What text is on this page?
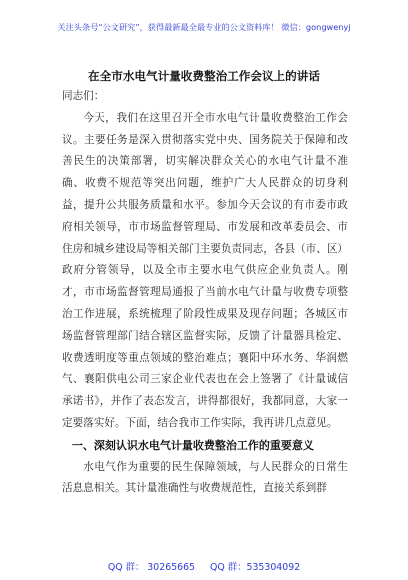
关注头条号“公文研究”，获得最新最全最专业的公文资料库！ 微信：gongwenyj
在全市水电气计量收费整治工作会议上的讲话

同志们：

今天，我们在这里召开全市水电气计量收费整治工作会议。主要任务是深入贯彻落实党中央、国务院关于保障和改善民生的决策部署，切实解决群众关心的水电气计量不准确、收费不规范等突出问题，维护广大人民群众的切身利益，提升公共服务质量和水平。参加今天会议的有市委市政府相关领导，市市场监督管理局、市发展和改革委员会、市住房和城乡建设局等相关部门主要负责同志，各县（市、区）政府分管领导，以及全市主要水电气供应企业负责人。刚才，市市场监督管理局通报了当前水电气计量与收费专项整治工作进展，系统梳理了阶段性成果及现存问题；各城区市场监督管理部门结合辖区监督实际，反馈了计量器具检定、收费透明度等重点领域的整治难点；襄阳中环水务、华润燃气、襄阳供电公司三家企业代表也在会上签署了《计量诚信承诺书》，并作了表态发言，讲得都很好，我都同意，大家一定要落实好。下面，结合我市工作实际，我再讲几点意见。

一、深刻认识水电气计量收费整治工作的重要意义

水电气作为重要的民生保障领域，与人民群众的日常生活息息相关。其计量准确性与收费规范性，直接关系到群

QQ 群： 30265665 QQ 群：535304092
